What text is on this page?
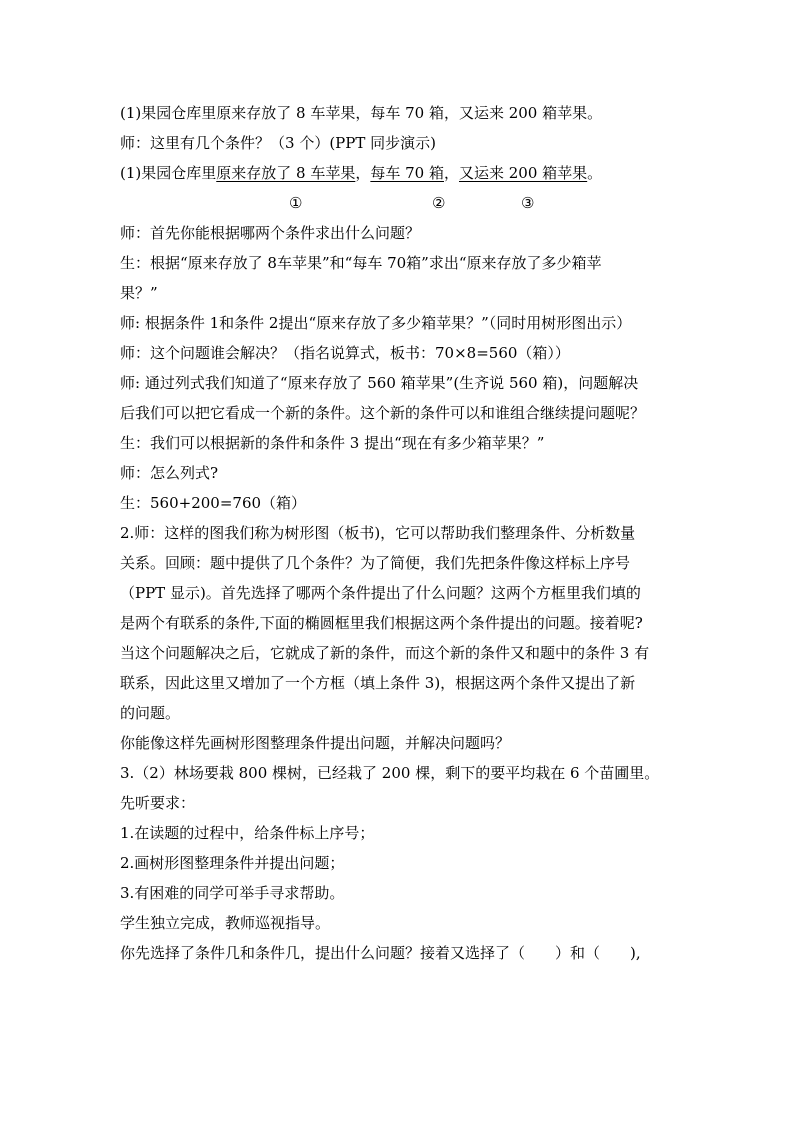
(1)果园仓库里原来存放了 8 车苹果，每车 70 箱，又运来 200 箱苹果。
师：这里有几个条件？（3 个）(PPT 同步演示)
(1)果园仓库里原来存放了 8 车苹果，每车 70 箱，又运来 200 箱苹果。
①	②	③
师：首先你能根据哪两个条件求出什么问题？
生：根据“原来存放了 8车苹果”和“每车 70箱”求出“原来存放了多少箱苹
果？”
师: 根据条件 1和条件 2提出“原来存放了多少箱苹果？”（同时用树形图出示）
师：这个问题谁会解决？（指名说算式，板书：70×8=560（箱））
师: 通过列式我们知道了“原来存放了 560 箱苹果”(生齐说 560 箱)，问题解决
后我们可以把它看成一个新的条件。这个新的条件可以和谁组合继续提问题呢？
生：我们可以根据新的条件和条件 3 提出“现在有多少箱苹果？”
师：怎么列式?
生：560+200=760（箱）
2.师：这样的图我们称为树形图（板书)，它可以帮助我们整理条件、分析数量
关系。回顾：题中提供了几个条件？为了简便，我们先把条件像这样标上序号
（PPT 显示)。首先选择了哪两个条件提出了什么问题？这两个方框里我们填的
是两个有联系的条件,下面的椭圆框里我们根据这两个条件提出的问题。接着呢?
当这个问题解决之后，它就成了新的条件，而这个新的条件又和题中的条件 3 有
联系，因此这里又增加了一个方框（填上条件 3)，根据这两个条件又提出了新
的问题。
你能像这样先画树形图整理条件提出问题，并解决问题吗？
3.（2）林场要栽 800 棵树，已经栽了 200 棵，剩下的要平均栽在 6 个苗圃里。
先听要求：
1.在读题的过程中，给条件标上序号；
2.画树形图整理条件并提出问题；
3.有困难的同学可举手寻求帮助。
学生独立完成，教师巡视指导。
你先选择了条件几和条件几，提出什么问题？接着又选择了（　　）和（　　),
